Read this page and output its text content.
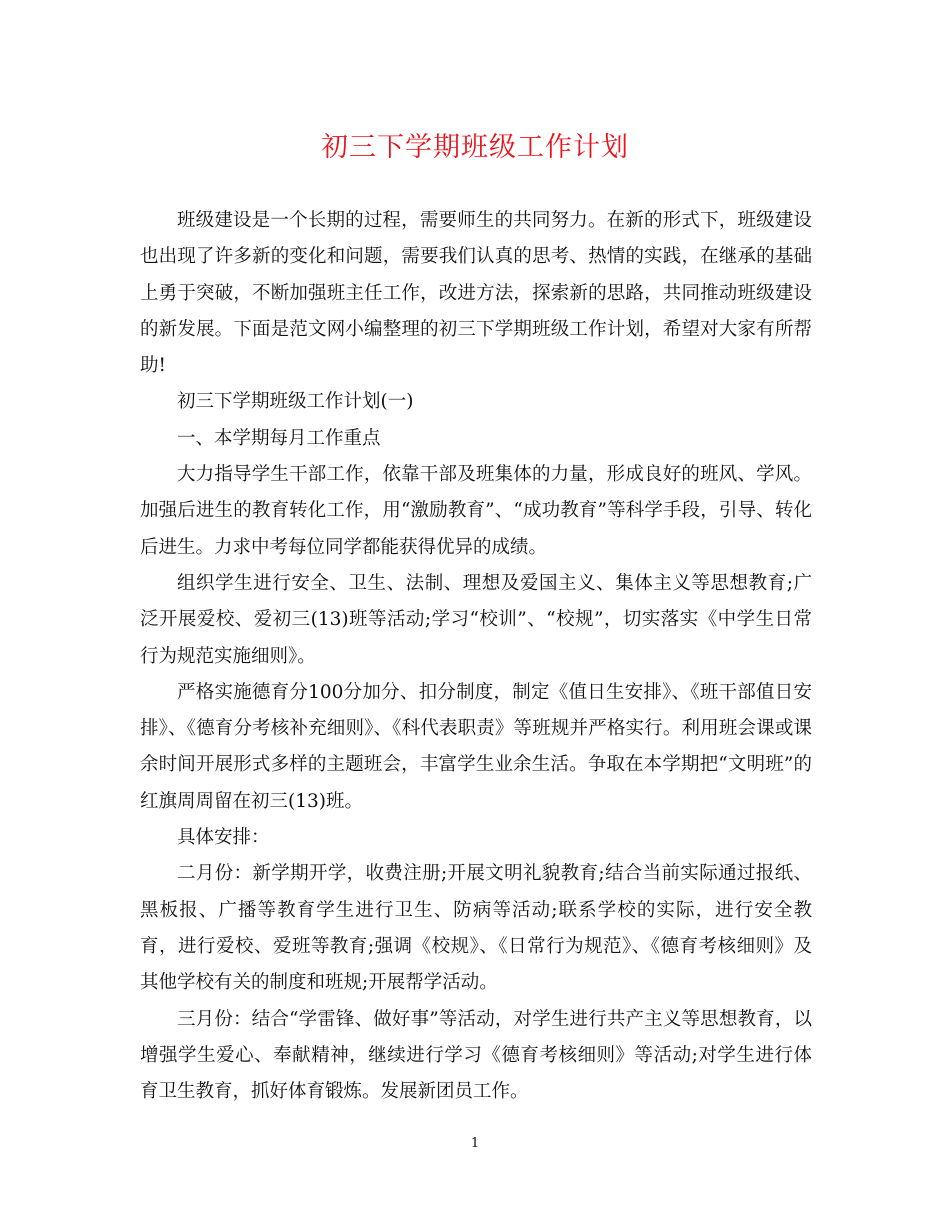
初三下学期班级工作计划

班级建设是一个长期的过程，需要师生的共同努力。在新的形式下，班级建设也出现了许多新的变化和问题，需要我们认真的思考、热情的实践，在继承的基础上勇于突破，不断加强班主任工作，改进方法，探索新的思路，共同推动班级建设的新发展。下面是范文网小编整理的初三下学期班级工作计划，希望对大家有所帮助!

初三下学期班级工作计划(一)

一、本学期每月工作重点

大力指导学生干部工作，依靠干部及班集体的力量，形成良好的班风、学风。加强后进生的教育转化工作，用“激励教育”、“成功教育”等科学手段，引导、转化后进生。力求中考每位同学都能获得优异的成绩。

组织学生进行安全、卫生、法制、理想及爱国主义、集体主义等思想教育;广泛开展爱校、爱初三(13)班等活动;学习“校训”、“校规”，切实落实《中学生日常行为规范实施细则》。

严格实施德育分100分加分、扣分制度，制定《值日生安排》、《班干部值日安排》、《德育分考核补充细则》、《科代表职责》等班规并严格实行。利用班会课或课余时间开展形式多样的主题班会，丰富学生业余生活。争取在本学期把“文明班”的红旗周周留在初三(13)班。

具体安排：

二月份：新学期开学，收费注册;开展文明礼貌教育;结合当前实际通过报纸、黑板报、广播等教育学生进行卫生、防病等活动;联系学校的实际，进行安全教育，进行爱校、爱班等教育;强调《校规》、《日常行为规范》、《德育考核细则》及其他学校有关的制度和班规;开展帮学活动。

三月份：结合“学雷锋、做好事”等活动，对学生进行共产主义等思想教育，以增强学生爱心、奉献精神，继续进行学习《德育考核细则》等活动;对学生进行体育卫生教育，抓好体育锻炼。发展新团员工作。

1
